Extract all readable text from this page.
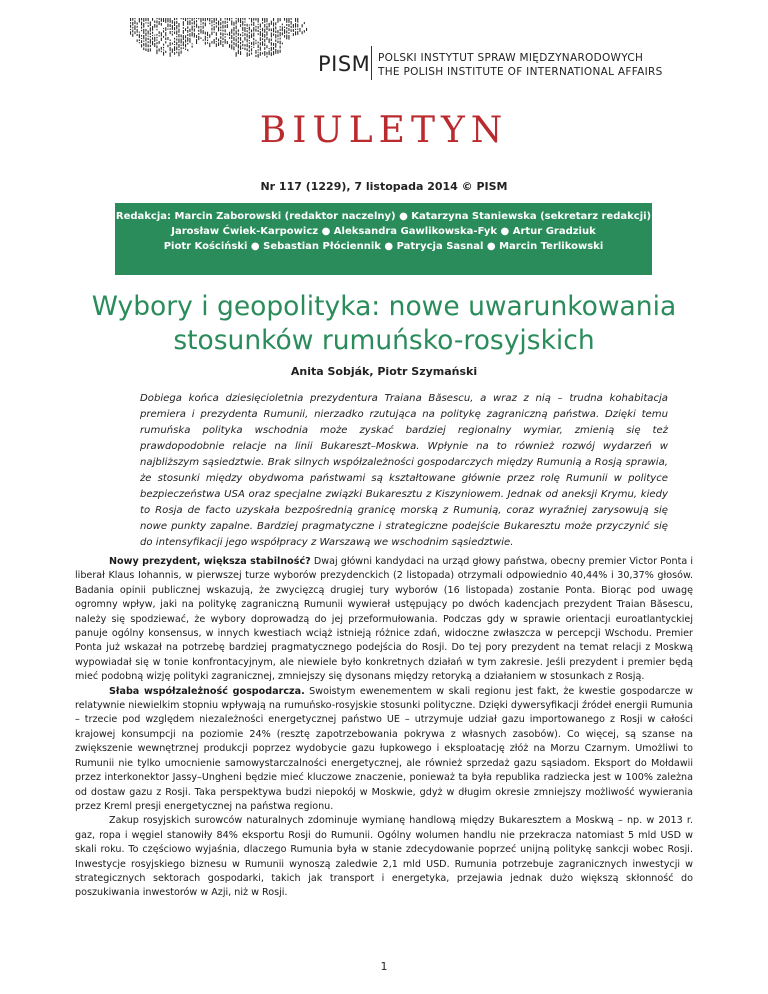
PISM POLSKI INSTYTUT SPRAW MIĘDZYNARODOWYCH
THE POLISH INSTITUTE OF INTERNATIONAL AFFAIRS
BIULETYN
Nr 117 (1229), 7 listopada 2014 © PISM
Redakcja: Marcin Zaborowski (redaktor naczelny) ● Katarzyna Staniewska (sekretarz redakcji)
Jarosław Ćwiek-Karpowicz ● Aleksandra Gawlikowska-Fyk ● Artur Gradziuk
Piotr Kościński ● Sebastian Płóciennik ● Patrycja Sasnal ● Marcin Terlikowski
Wybory i geopolityka: nowe uwarunkowania
stosunków rumuńsko-rosyjskich
Anita Sobják, Piotr Szymański
Dobiega końca dziesięcioletnia prezydentura Traiana Băsescu, a wraz z nią – trudna kohabitacja premiera i prezydenta Rumunii, nierzadko rzutująca na politykę zagraniczną państwa. Dzięki temu rumuńska polityka wschodnia może zyskać bardziej regionalny wymiar, zmienią się też prawdopodobnie relacje na linii Bukareszt–Moskwa. Wpłynie na to również rozwój wydarzeń w najbliższym sąsiedztwie. Brak silnych współzależności gospodarczych między Rumunią a Rosją sprawia, że stosunki między obydwoma państwami są kształtowane głównie przez rolę Rumunii w polityce bezpieczeństwa USA oraz specjalne związki Bukaresztu z Kiszyniowem. Jednak od aneksji Krymu, kiedy to Rosja de facto uzyskała bezpośrednią granicę morską z Rumunią, coraz wyraźniej zarysowują się nowe punkty zapalne. Bardziej pragmatyczne i strategiczne podejście Bukaresztu może przyczynić się do intensyfikacji jego współpracy z Warszawą we wschodnim sąsiedztwie.

Nowy prezydent, większa stabilność? Dwaj główni kandydaci na urząd głowy państwa, obecny premier Victor Ponta i liberał Klaus Iohannis, w pierwszej turze wyborów prezydenckich (2 listopada) otrzymali odpowiednio 40,44% i 30,37% głosów. Badania opinii publicznej wskazują, że zwycięzcą drugiej tury wyborów (16 listopada) zostanie Ponta. Biorąc pod uwagę ogromny wpływ, jaki na politykę zagraniczną Rumunii wywierał ustępujący po dwóch kadencjach prezydent Traian Băsescu, należy się spodziewać, że wybory doprowadzą do jej przeformułowania. Podczas gdy w sprawie orientacji euroatlantyckiej panuje ogólny konsensus, w innych kwestiach wciąż istnieją różnice zdań, widoczne zwłaszcza w percepcji Wschodu. Premier Ponta już wskazał na potrzebę bardziej pragmatycznego podejścia do Rosji. Do tej pory prezydent na temat relacji z Moskwą wypowiadał się w tonie konfrontacyjnym, ale niewiele było konkretnych działań w tym zakresie. Jeśli prezydent i premier będą mieć podobną wizję polityki zagranicznej, zmniejszy się dysonans między retoryką a działaniem w stosunkach z Rosją.

Słaba współzależność gospodarcza. Swoistym ewenementem w skali regionu jest fakt, że kwestie gospodarcze w relatywnie niewielkim stopniu wpływają na rumuńsko-rosyjskie stosunki polityczne. Dzięki dywersyfikacji źródeł energii Rumunia – trzecie pod względem niezależności energetycznej państwo UE – utrzymuje udział gazu importowanego z Rosji w całości krajowej konsumpcji na poziomie 24% (resztę zapotrzebowania pokrywa z własnych zasobów). Co więcej, są szanse na zwiększenie wewnętrznej produkcji poprzez wydobycie gazu łupkowego i eksploatację złóż na Morzu Czarnym. Umożliwi to Rumunii nie tylko umocnienie samowystarczalności energetycznej, ale również sprzedaż gazu sąsiadom. Eksport do Mołdawii przez interkonektor Jassy–Ungheni będzie mieć kluczowe znaczenie, ponieważ ta była republika radziecka jest w 100% zależna od dostaw gazu z Rosji. Taka perspektywa budzi niepokój w Moskwie, gdyż w długim okresie zmniejszy możliwość wywierania przez Kreml presji energetycznej na państwa regionu.

Zakup rosyjskich surowców naturalnych zdominuje wymianę handlową między Bukaresztem a Moskwą – np. w 2013 r. gaz, ropa i węgiel stanowiły 84% eksportu Rosji do Rumunii. Ogólny wolumen handlu nie przekracza natomiast 5 mld USD w skali roku. To częściowo wyjaśnia, dlaczego Rumunia była w stanie zdecydowanie poprzeć unijną politykę sankcji wobec Rosji. Inwestycje rosyjskiego biznesu w Rumunii wynoszą zaledwie 2,1 mld USD. Rumunia potrzebuje zagranicznych inwestycji w strategicznych sektorach gospodarki, takich jak transport i energetyka, przejawia jednak dużo większą skłonność do poszukiwania inwestorów w Azji, niż w Rosji.

1
